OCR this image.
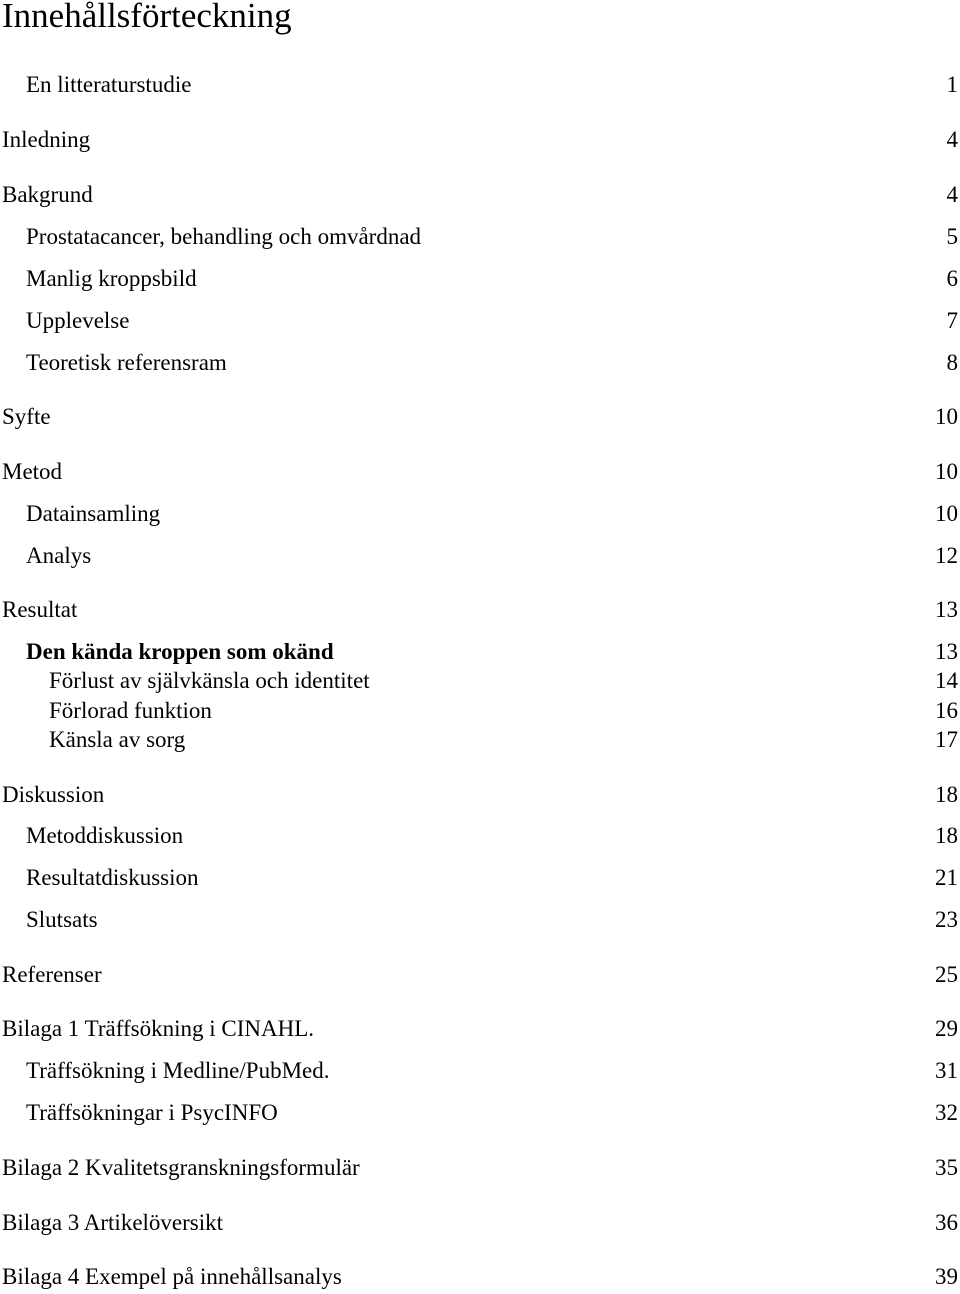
Innehållsförteckning
En litteraturstudie	1
Inledning	4
Bakgrund	4
Prostatacancer, behandling och omvårdnad	5
Manlig kroppsbild	6
Upplevelse	7
Teoretisk referensram	8
Syfte	10
Metod	10
Datainsamling	10
Analys	12
Resultat	13
Den kända kroppen som okänd	13
Förlust av självkänsla och identitet	14
Förlorad funktion	16
Känsla av sorg	17
Diskussion	18
Metoddiskussion	18
Resultatdiskussion	21
Slutsats	23
Referenser	25
Bilaga 1 Träffsökning i CINAHL.	29
Träffsökning i Medline/PubMed.	31
Träffsökningar i PsycINFO	32
Bilaga 2 Kvalitetsgranskningsformulär	35
Bilaga 3 Artikelöversikt	36
Bilaga 4 Exempel på innehållsanalys	39
